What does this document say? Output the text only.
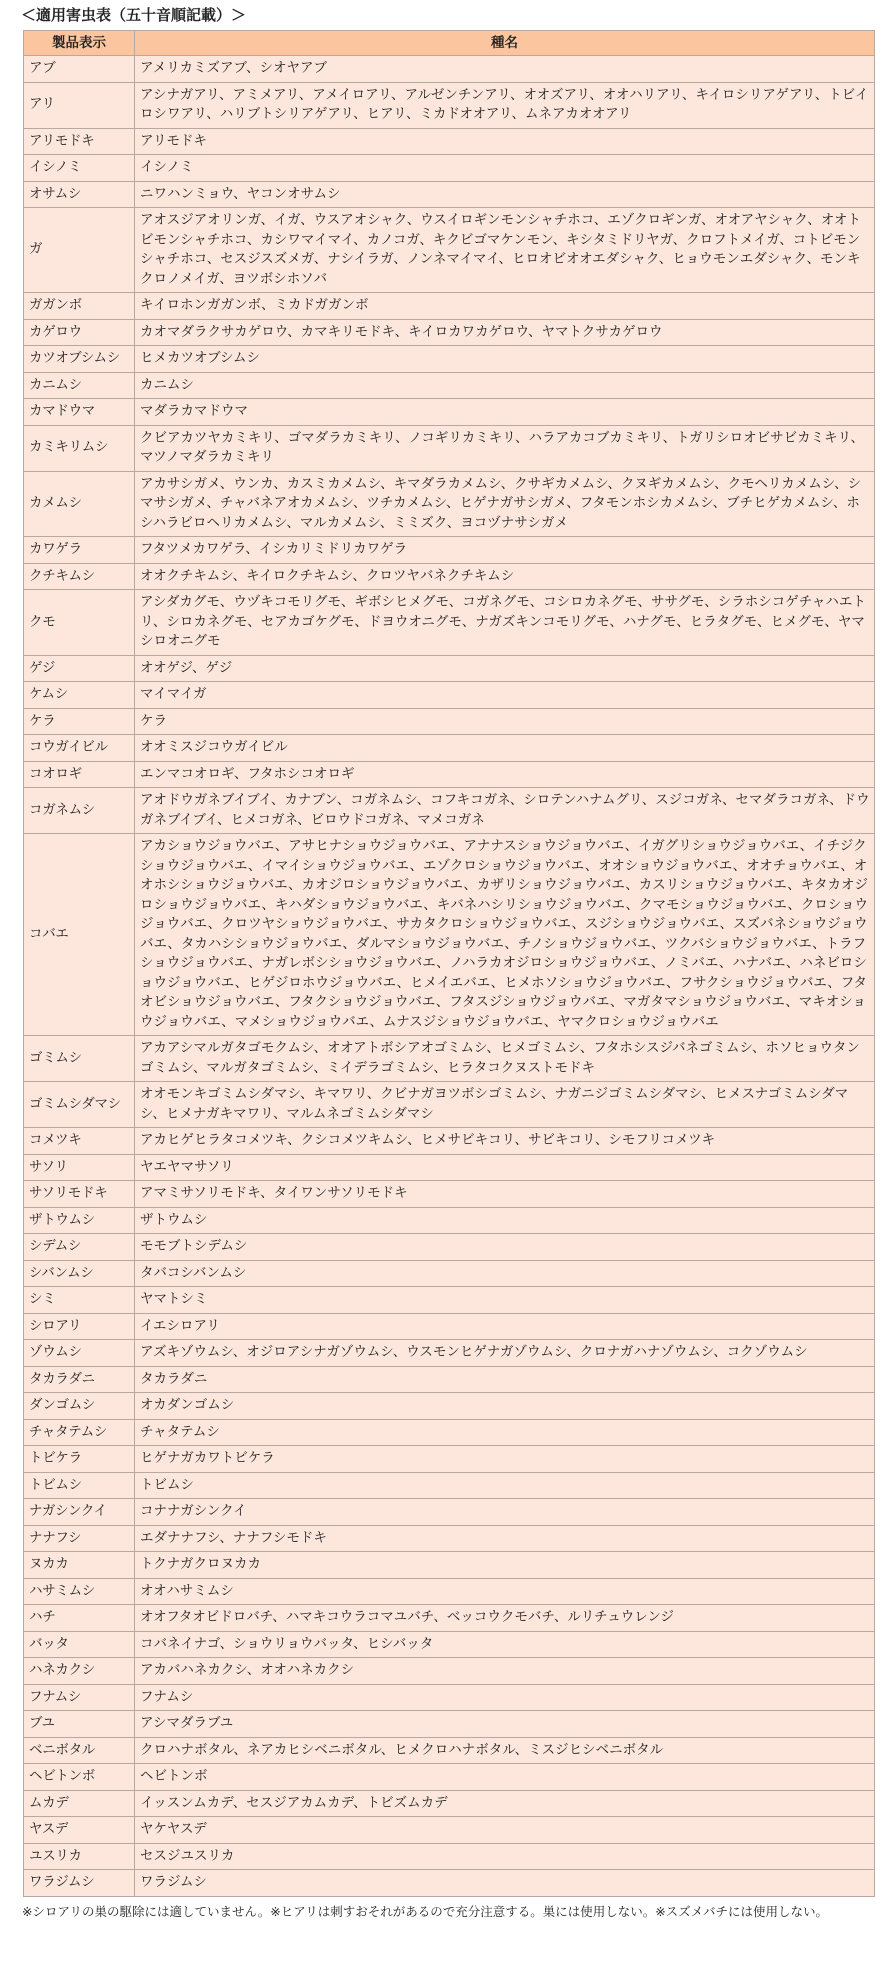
＜適用害虫表（五十音順記載）＞
製品表示	種名
アブ	アメリカミズアブ、シオヤアブ
アリ	アシナガアリ、アミメアリ、アメイロアリ、アルゼンチンアリ、オオズアリ、オオハリアリ、キイロシリアゲアリ、トビイロシワアリ、ハリブトシリアゲアリ、ヒアリ、ミカドオオアリ、ムネアカオオアリ
アリモドキ	アリモドキ
イシノミ	イシノミ
オサムシ	ニワハンミョウ、ヤコンオサムシ
ガ	アオスジアオリンガ、イガ、ウスアオシャク、ウスイロギンモンシャチホコ、エゾクロギンガ、オオアヤシャク、オオトビモンシャチホコ、カシワマイマイ、カノコガ、キクビゴマケンモン、キシタミドリヤガ、クロフトメイガ、コトビモンシャチホコ、セスジスズメガ、ナシイラガ、ノンネマイマイ、ヒロオビオオエダシャク、ヒョウモンエダシャク、モンキクロノメイガ、ヨツボシホソバ
ガガンボ	キイロホンガガンボ、ミカドガガンボ
カゲロウ	カオマダラクサカゲロウ、カマキリモドキ、キイロカワカゲロウ、ヤマトクサカゲロウ
カツオブシムシ	ヒメカツオブシムシ
カニムシ	カニムシ
カマドウマ	マダラカマドウマ
カミキリムシ	クビアカツヤカミキリ、ゴマダラカミキリ、ノコギリカミキリ、ハラアカコブカミキリ、トガリシロオビサビカミキリ、マツノマダラカミキリ
カメムシ	アカサシガメ、ウンカ、カスミカメムシ、キマダラカメムシ、クサギカメムシ、クヌギカメムシ、クモヘリカメムシ、シマサシガメ、チャバネアオカメムシ、ツチカメムシ、ヒゲナガサシガメ、フタモンホシカメムシ、ブチヒゲカメムシ、ホシハラビロヘリカメムシ、マルカメムシ、ミミズク、ヨコヅナサシガメ
カワゲラ	フタツメカワゲラ、イシカリミドリカワゲラ
クチキムシ	オオクチキムシ、キイロクチキムシ、クロツヤバネクチキムシ
クモ	アシダカグモ、ウヅキコモリグモ、ギボシヒメグモ、コガネグモ、コシロカネグモ、ササグモ、シラホシコゲチャハエトリ、シロカネグモ、セアカゴケグモ、ドヨウオニグモ、ナガズキンコモリグモ、ハナグモ、ヒラタグモ、ヒメグモ、ヤマシロオニグモ
ゲジ	オオゲジ、ゲジ
ケムシ	マイマイガ
ケラ	ケラ
コウガイビル	オオミスジコウガイビル
コオロギ	エンマコオロギ、フタホシコオロギ
コガネムシ	アオドウガネブイブイ、カナブン、コガネムシ、コフキコガネ、シロテンハナムグリ、スジコガネ、セマダラコガネ、ドウガネブイブイ、ヒメコガネ、ビロウドコガネ、マメコガネ
コバエ	アカショウジョウバエ、アサヒナショウジョウバエ、アナナスショウジョウバエ、イガグリショウジョウバエ、イチジクショウジョウバエ、イマイショウジョウバエ、エゾクロショウジョウバエ、オオショウジョウバエ、オオチョウバエ、オオホシショウジョウバエ、カオジロショウジョウバエ、カザリショウジョウバエ、カスリショウジョウバエ、キタカオジロショウジョウバエ、キハダショウジョウバエ、キバネハシリショウジョウバエ、クマモショウジョウバエ、クロショウジョウバエ、クロツヤショウジョウバエ、サカタクロショウジョウバエ、スジショウジョウバエ、スズバネショウジョウバエ、タカハシショウジョウバエ、ダルマショウジョウバエ、チノショウジョウバエ、ツクバショウジョウバエ、トラフショウジョウバエ、ナガレボシショウジョウバエ、ノハラカオジロショウジョウバエ、ノミバエ、ハナバエ、ハネビロショウジョウバエ、ヒゲジロホウジョウバエ、ヒメイエバエ、ヒメホソショウジョウバエ、フサクショウジョウバエ、フタオビショウジョウバエ、フタクショウジョウバエ、フタスジショウジョウバエ、マガタマショウジョウバエ、マキオショウジョウバエ、マメショウジョウバエ、ムナスジショウジョウバエ、ヤマクロショウジョウバエ
ゴミムシ	アカアシマルガタゴモクムシ、オオアトボシアオゴミムシ、ヒメゴミムシ、フタホシスジバネゴミムシ、ホソヒョウタンゴミムシ、マルガタゴミムシ、ミイデラゴミムシ、ヒラタコクヌストモドキ
ゴミムシダマシ	オオモンキゴミムシダマシ、キマワリ、クビナガヨツボシゴミムシ、ナガニジゴミムシダマシ、ヒメスナゴミムシダマシ、ヒメナガキマワリ、マルムネゴミムシダマシ
コメツキ	アカヒゲヒラタコメツキ、クシコメツキムシ、ヒメサビキコリ、サビキコリ、シモフリコメツキ
サソリ	ヤエヤマサソリ
サソリモドキ	アマミサソリモドキ、タイワンサソリモドキ
ザトウムシ	ザトウムシ
シデムシ	モモブトシデムシ
シバンムシ	タバコシバンムシ
シミ	ヤマトシミ
シロアリ	イエシロアリ
ゾウムシ	アズキゾウムシ、オジロアシナガゾウムシ、ウスモンヒゲナガゾウムシ、クロナガハナゾウムシ、コクゾウムシ
タカラダニ	タカラダニ
ダンゴムシ	オカダンゴムシ
チャタテムシ	チャタテムシ
トビケラ	ヒゲナガカワトビケラ
トビムシ	トビムシ
ナガシンクイ	コナナガシンクイ
ナナフシ	エダナナフシ、ナナフシモドキ
ヌカカ	トクナガクロヌカカ
ハサミムシ	オオハサミムシ
ハチ	オオフタオビドロバチ、ハマキコウラコマユバチ、ベッコウクモバチ、ルリチュウレンジ
バッタ	コバネイナゴ、ショウリョウバッタ、ヒシバッタ
ハネカクシ	アカバハネカクシ、オオハネカクシ
フナムシ	フナムシ
ブユ	アシマダラブユ
ベニボタル	クロハナボタル、ネアカヒシベニボタル、ヒメクロハナボタル、ミスジヒシベニボタル
ヘビトンボ	ヘビトンボ
ムカデ	イッスンムカデ、セスジアカムカデ、トビズムカデ
ヤスデ	ヤケヤスデ
ユスリカ	セスジユスリカ
ワラジムシ	ワラジムシ
※シロアリの巣の駆除には適していません。※ヒアリは刺すおそれがあるので充分注意する。巣には使用しない。※スズメバチには使用しない。
